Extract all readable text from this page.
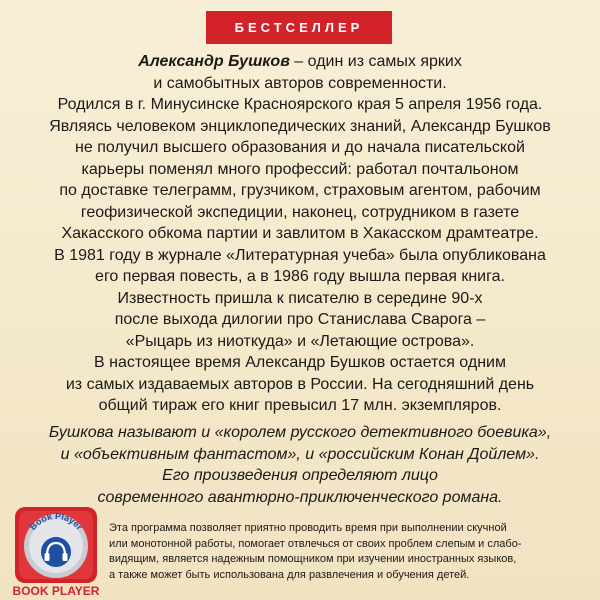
БЕСТСЕЛЛЕР
Александр Бушков – один из самых ярких
и самобытных авторов современности.
Родился в г. Минусинске Красноярского края 5 апреля 1956 года.
Являясь человеком энциклопедических знаний, Александр Бушков
не получил высшего образования и до начала писательской
карьеры поменял много профессий: работал почтальоном
по доставке телеграмм, грузчиком, страховым агентом, рабочим
геофизической экспедиции, наконец, сотрудником в газете
Хакасского обкома партии и завлитом в Хакасском драмтеатре.
В 1981 году в журнале «Литературная учеба» была опубликована
его первая повесть, а в 1986 году вышла первая книга.
Известность пришла к писателю в середине 90-х
после выхода дилогии про Станислава Сварога –
«Рыцарь из ниоткуда» и «Летающие острова».
В настоящее время Александр Бушков остается одним
из самых издаваемых авторов в России. На сегодняшний день
общий тираж его книг превысил 17 млн. экземпляров.
Бушкова называют и «королем русского детективного боевика»,
и «объективным фантастом», и «российским Конан Дойлем».
Его произведения определяют лицо
современного авантюрно-приключенческого романа.
Book Player
BOOK PLAYER
Эта программа позволяет приятно проводить время при выполнении скучной
или монотонной работы, помогает отвлечься от своих проблем слепым и слабо-
видящим, является надежным помощником при изучении иностранных языков,
а также может быть использована для развлечения и обучения детей.
